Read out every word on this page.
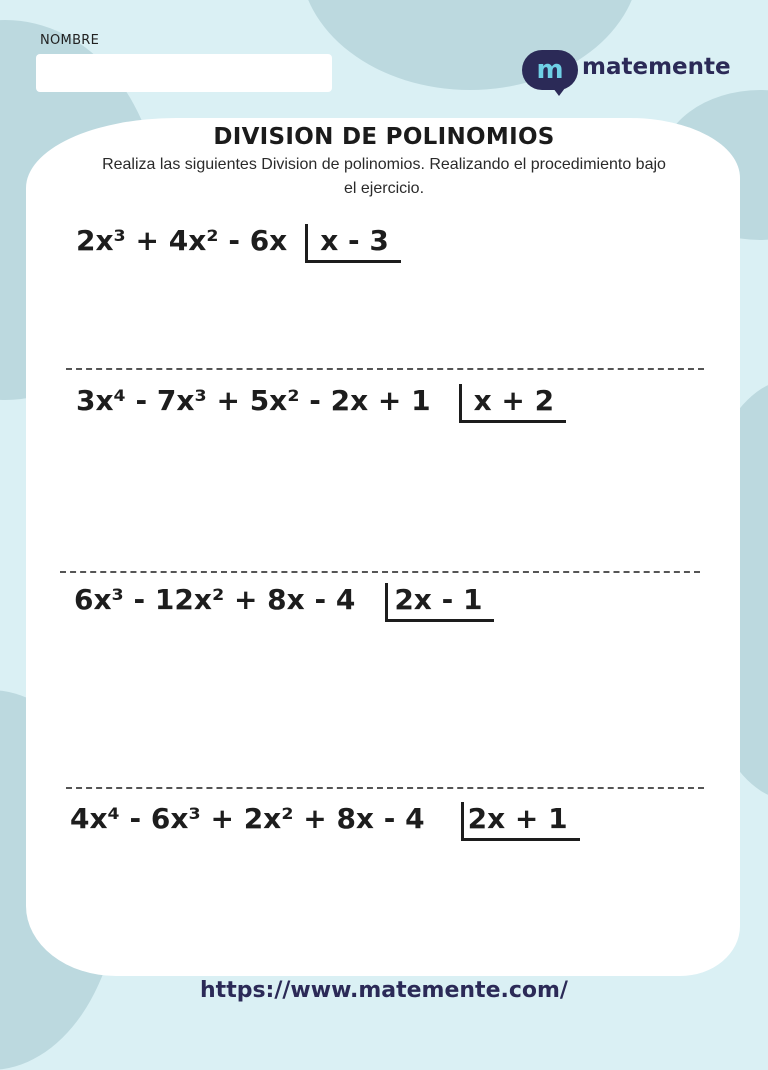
NOMBRE
m matemente
DIVISION DE POLINOMIOS
Realiza las siguientes Division de polinomios. Realizando el procedimiento bajo el ejercicio.
2x³ + 4x² - 6x	x - 3
3x⁴ - 7x³ + 5x² - 2x + 1	x + 2
6x³ - 12x² + 8x - 4	2x - 1
4x⁴ - 6x³ + 2x² + 8x - 4 2x + 1
https://www.matemente.com/
